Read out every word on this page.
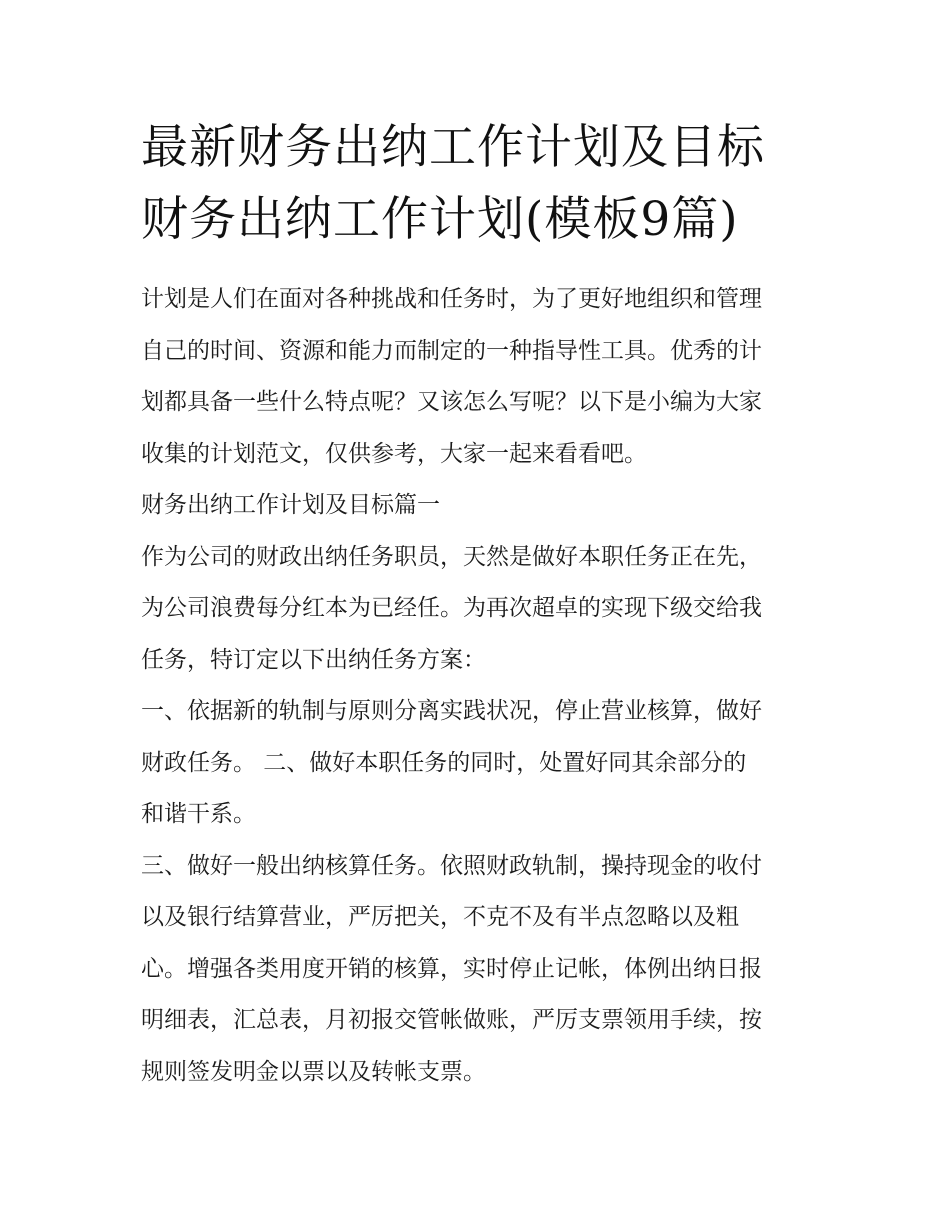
最新财务出纳工作计划及目标
财务出纳工作计划(模板9篇)

计划是人们在面对各种挑战和任务时，为了更好地组织和管理
自己的时间、资源和能力而制定的一种指导性工具。优秀的计
划都具备一些什么特点呢？又该怎么写呢？以下是小编为大家
收集的计划范文，仅供参考，大家一起来看看吧。

财务出纳工作计划及目标篇一

作为公司的财政出纳任务职员，天然是做好本职任务正在先，
为公司浪费每分红本为已经任。为再次超卓的实现下级交给我
任务，特订定以下出纳任务方案：

一、依据新的轨制与原则分离实践状况，停止营业核算，做好
财政任务。 二、做好本职任务的同时，处置好同其余部分的
和谐干系。

三、做好一般出纳核算任务。依照财政轨制，操持现金的收付
以及银行结算营业，严厉把关，不克不及有半点忽略以及粗
心。增强各类用度开销的核算，实时停止记帐，体例出纳日报
明细表，汇总表，月初报交管帐做账，严厉支票领用手续，按
规则签发明金以票以及转帐支票。
